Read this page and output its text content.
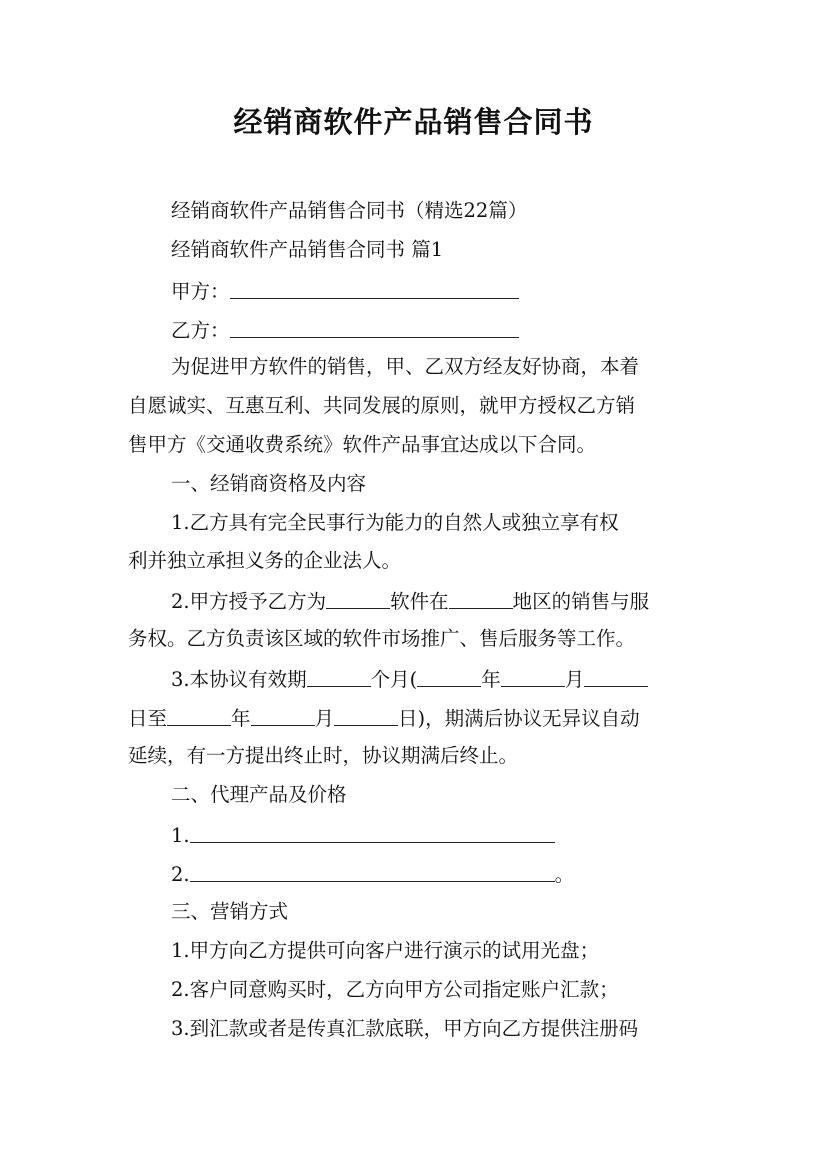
经销商软件产品销售合同书
经销商软件产品销售合同书（精选22篇）
经销商软件产品销售合同书 篇1
甲方：
乙方：
为促进甲方软件的销售，甲、乙双方经友好协商，本着
自愿诚实、互惠互利、共同发展的原则，就甲方授权乙方销
售甲方《交通收费系统》软件产品事宜达成以下合同。
一、经销商资格及内容
1.乙方具有完全民事行为能力的自然人或独立享有权
利并独立承担义务的企业法人。
2.甲方授予乙方为	软件在	地区的销售与服
务权。乙方负责该区域的软件市场推广、售后服务等工作。
3.本协议有效期	个月(	年	月
日至	年	月	日)，期满后协议无异议自动
延续，有一方提出终止时，协议期满后终止。
二、代理产品及价格
1.
2.	。
三、营销方式
1.甲方向乙方提供可向客户进行演示的试用光盘；
2.客户同意购买时，乙方向甲方公司指定账户汇款；
3.到汇款或者是传真汇款底联，甲方向乙方提供注册码
